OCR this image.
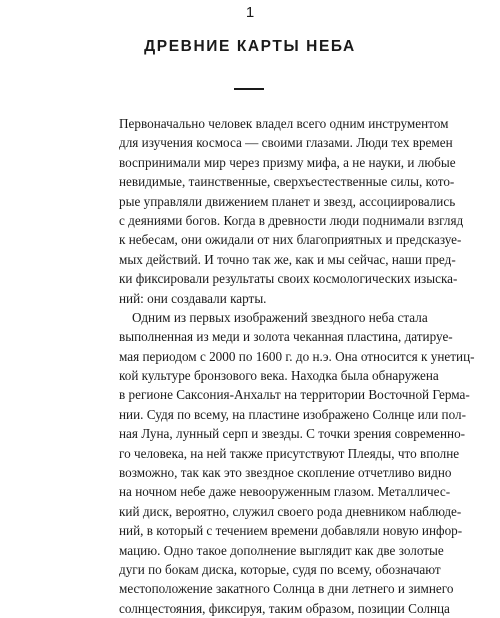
1
ДРЕВНИЕ КАРТЫ НЕБА
Первоначально человек владел всего одним инструментом
для изучения космоса — своими глазами. Люди тех времен
воспринимали мир через призму мифа, а не науки, и любые
невидимые, таинственные, сверхъестественные силы, кото-
рые управляли движением планет и звезд, ассоциировались
с деяниями богов. Когда в древности люди поднимали взгляд
к небесам, они ожидали от них благоприятных и предсказуе-
мых действий. И точно так же, как и мы сейчас, наши пред-
ки фиксировали результаты своих космологических изыска-
ний: они создавали карты.
Одним из первых изображений звездного неба стала
выполненная из меди и золота чеканная пластина, датируе-
мая периодом с 2000 по 1600 г. до н.э. Она относится к унетиц-
кой культуре бронзового века. Находка была обнаружена
в регионе Саксония-Анхальт на территории Восточной Герма-
нии. Судя по всему, на пластине изображено Солнце или пол-
ная Луна, лунный серп и звезды. С точки зрения современно-
го человека, на ней также присутствуют Плеяды, что вполне
возможно, так как это звездное скопление отчетливо видно
на ночном небе даже невооруженным глазом. Металличес-
кий диск, вероятно, служил своего рода дневником наблюде-
ний, в который с течением времени добавляли новую инфор-
мацию. Одно такое дополнение выглядит как две золотые
дуги по бокам диска, которые, судя по всему, обозначают
местоположение закатного Солнца в дни летнего и зимнего
солнцестояния, фиксируя, таким образом, позиции Солнца
